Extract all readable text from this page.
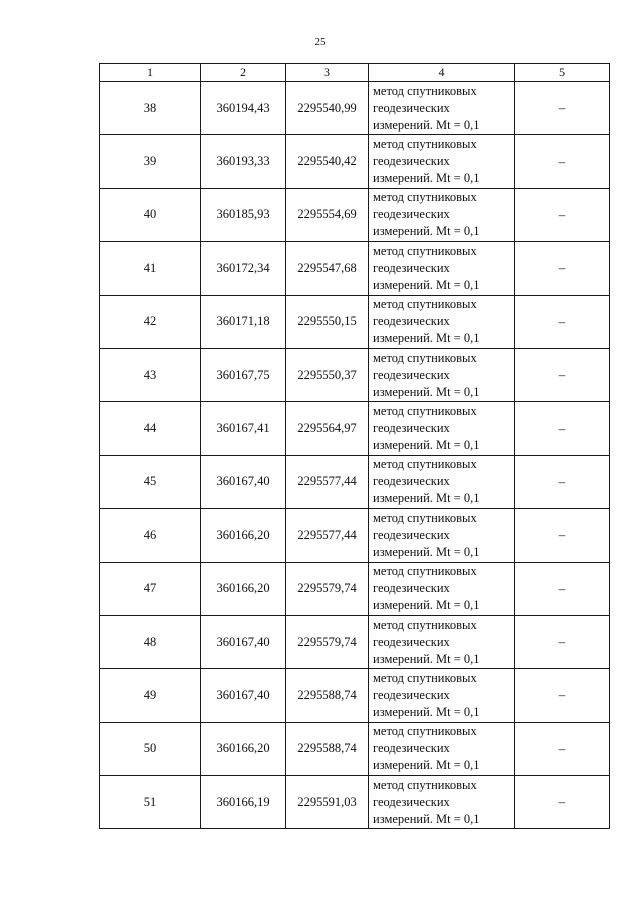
25
1	2	3	4	5
38	360194,43	2295540,99	метод спутниковых
геодезических
измерений. Mt = 0,1	–
39	360193,33	2295540,42	метод спутниковых
геодезических
измерений. Mt = 0,1	–
40	360185,93	2295554,69	метод спутниковых
геодезических
измерений. Mt = 0,1	–
41	360172,34	2295547,68	метод спутниковых
геодезических
измерений. Mt = 0,1	–
42	360171,18	2295550,15	метод спутниковых
геодезических
измерений. Mt = 0,1	–
43	360167,75	2295550,37	метод спутниковых
геодезических
измерений. Mt = 0,1	–
44	360167,41	2295564,97	метод спутниковых
геодезических
измерений. Mt = 0,1	–
45	360167,40	2295577,44	метод спутниковых
геодезических
измерений. Mt = 0,1	–
46	360166,20	2295577,44	метод спутниковых
геодезических
измерений. Mt = 0,1	–
47	360166,20	2295579,74	метод спутниковых
геодезических
измерений. Mt = 0,1	–
48	360167,40	2295579,74	метод спутниковых
геодезических
измерений. Mt = 0,1	–
49	360167,40	2295588,74	метод спутниковых
геодезических
измерений. Mt = 0,1	–
50	360166,20	2295588,74	метод спутниковых
геодезических
измерений. Mt = 0,1	–
51	360166,19	2295591,03	метод спутниковых
геодезических
измерений. Mt = 0,1	–
